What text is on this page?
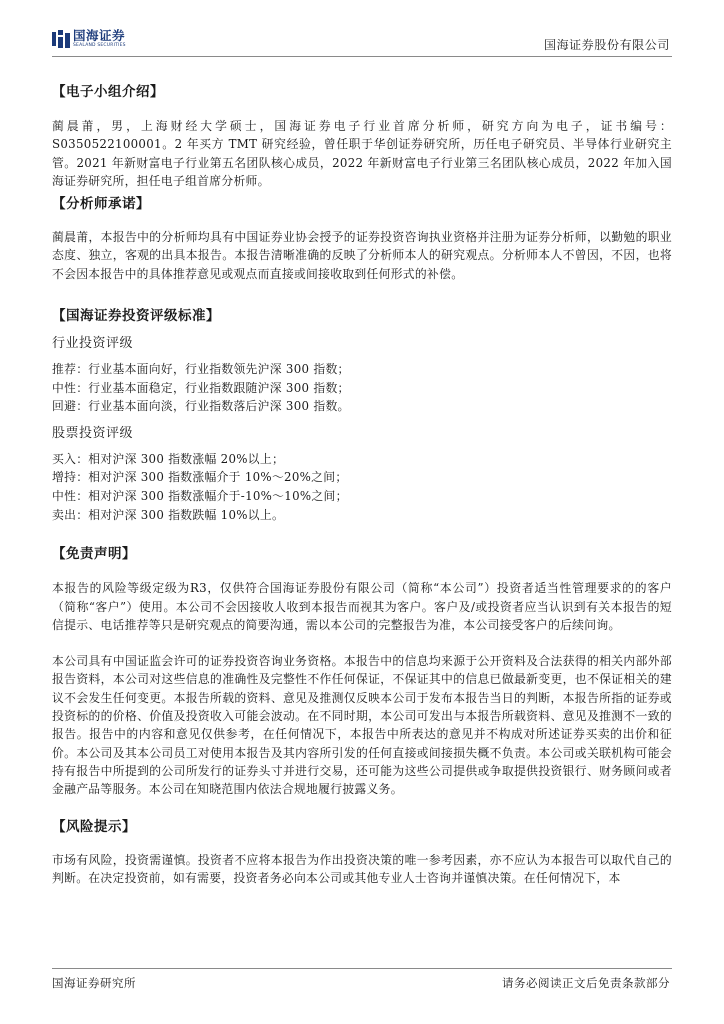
国海证券
SEALAND SECURITIES	国海证券股份有限公司

【电子小组介绍】

蔺晨莆，男，上海财经大学硕士，国海证券电子行业首席分析师，研究方向为电子，证书编号：S0350522100001。2 年买方 TMT 研究经验，曾任职于华创证券研究所，历任电子研究员、半导体行业研究主管。2021 年新财富电子行业第五名团队核心成员，2022 年新财富电子行业第三名团队核心成员，2022 年加入国海证券研究所，担任电子组首席分析师。

【分析师承诺】

蔺晨莆，本报告中的分析师均具有中国证券业协会授予的证券投资咨询执业资格并注册为证券分析师，以勤勉的职业态度、独立，客观的出具本报告。本报告清晰准确的反映了分析师本人的研究观点。分析师本人不曾因，不因，也将不会因本报告中的具体推荐意见或观点而直接或间接收取到任何形式的补偿。

【国海证券投资评级标准】

行业投资评级

推荐：行业基本面向好，行业指数领先沪深 300 指数；

中性：行业基本面稳定，行业指数跟随沪深 300 指数；

回避：行业基本面向淡，行业指数落后沪深 300 指数。

股票投资评级

买入：相对沪深 300 指数涨幅 20%以上；

增持：相对沪深 300 指数涨幅介于 10%～20%之间；

中性：相对沪深 300 指数涨幅介于-10%～10%之间；

卖出：相对沪深 300 指数跌幅 10%以上。

【免责声明】

本报告的风险等级定级为R3，仅供符合国海证券股份有限公司（简称“本公司”）投资者适当性管理要求的的客户（简称“客户”）使用。本公司不会因接收人收到本报告而视其为客户。客户及/或投资者应当认识到有关本报告的短信提示、电话推荐等只是研究观点的简要沟通，需以本公司的完整报告为准，本公司接受客户的后续问询。

本公司具有中国证监会许可的证券投资咨询业务资格。本报告中的信息均来源于公开资料及合法获得的相关内部外部报告资料，本公司对这些信息的准确性及完整性不作任何保证，不保证其中的信息已做最新变更，也不保证相关的建议不会发生任何变更。本报告所载的资料、意见及推测仅反映本公司于发布本报告当日的判断，本报告所指的证券或投资标的的价格、价值及投资收入可能会波动。在不同时期，本公司可发出与本报告所载资料、意见及推测不一致的报告。报告中的内容和意见仅供参考，在任何情况下，本报告中所表达的意见并不构成对所述证券买卖的出价和征价。本公司及其本公司员工对使用本报告及其内容所引发的任何直接或间接损失概不负责。本公司或关联机构可能会持有报告中所提到的公司所发行的证券头寸并进行交易，还可能为这些公司提供或争取提供投资银行、财务顾问或者金融产品等服务。本公司在知晓范围内依法合规地履行披露义务。

【风险提示】

市场有风险，投资需谨慎。投资者不应将本报告为作出投资决策的唯一参考因素，亦不应认为本报告可以取代自己的判断。在决定投资前，如有需要，投资者务必向本公司或其他专业人士咨询并谨慎决策。在任何情况下，本

国海证券研究所	请务必阅读正文后免责条款部分
